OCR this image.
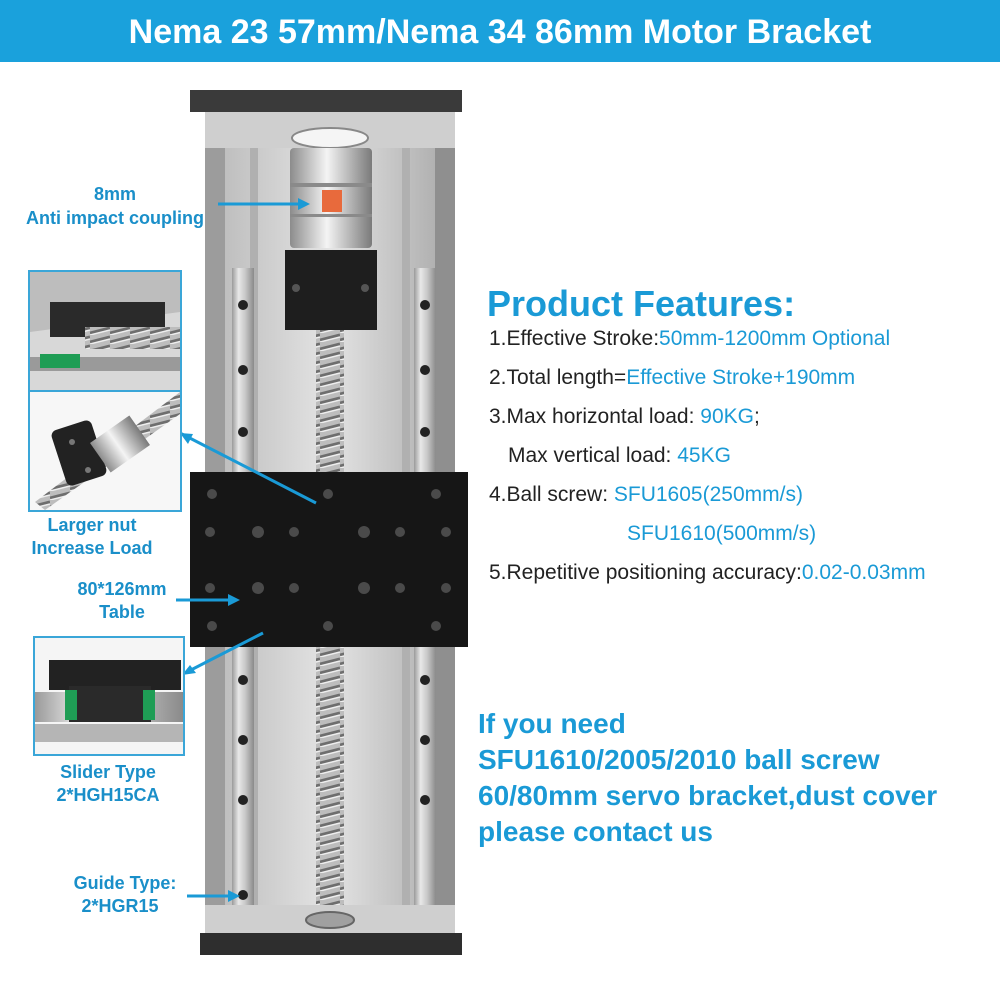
Nema 23 57mm/Nema 34 86mm Motor Bracket
8mm
Anti impact coupling
Larger nut
Increase Load
80*126mm
Table
Slider Type
2*HGH15CA
Guide Type:
2*HGR15
Product Features:
1.Effective Stroke:50mm-1200mm Optional
2.Total length=Effective Stroke+190mm
3.Max horizontal load: 90KG;
Max vertical load: 45KG
4.Ball screw: SFU1605(250mm/s)
SFU1610(500mm/s)
5.Repetitive positioning accuracy:0.02-0.03mm
If you need
SFU1610/2005/2010 ball screw
60/80mm servo bracket,dust cover
please contact us
